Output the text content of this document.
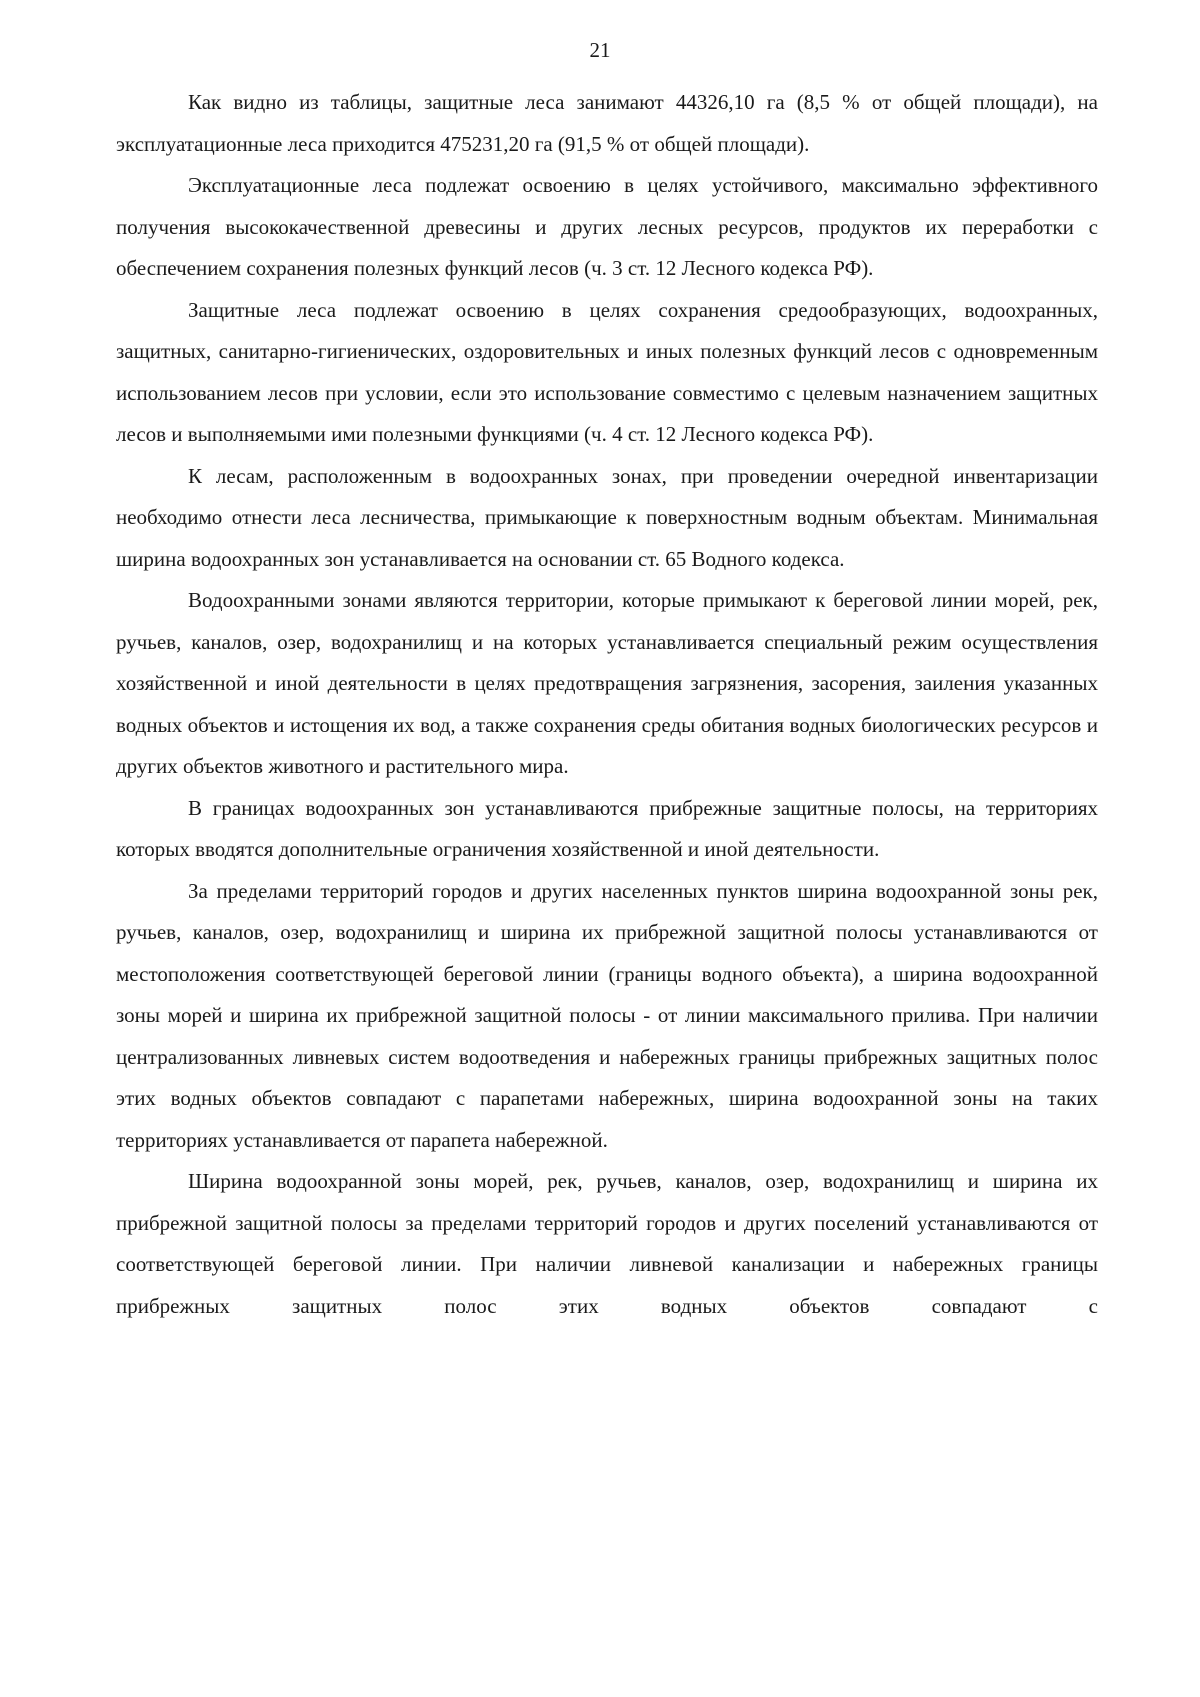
21

Как видно из таблицы, защитные леса занимают 44326,10 га (8,5 % от общей площади), на эксплуатационные леса приходится 475231,20 га (91,5 % от общей площади).

Эксплуатационные леса подлежат освоению в целях устойчивого, максимально эффективного получения высококачественной древесины и других лесных ресурсов, продуктов их переработки с обеспечением сохранения полезных функций лесов (ч. 3 ст. 12 Лесного кодекса РФ).

Защитные леса подлежат освоению в целях сохранения средообразующих, водоохранных, защитных, санитарно-гигиенических, оздоровительных и иных полезных функций лесов с одновременным использованием лесов при условии, если это использование совместимо с целевым назначением защитных лесов и выполняемыми ими полезными функциями (ч. 4 ст. 12 Лесного кодекса РФ).

К лесам, расположенным в водоохранных зонах, при проведении очередной инвентаризации необходимо отнести леса лесничества, примыкающие к поверхностным водным объектам. Минимальная ширина водоохранных зон устанавливается на основании ст. 65 Водного кодекса.

Водоохранными зонами являются территории, которые примыкают к береговой линии морей, рек, ручьев, каналов, озер, водохранилищ и на которых устанавливается специальный режим осуществления хозяйственной и иной деятельности в целях предотвращения загрязнения, засорения, заиления указанных водных объектов и истощения их вод, а также сохранения среды обитания водных биологических ресурсов и других объектов животного и растительного мира.

В границах водоохранных зон устанавливаются прибрежные защитные полосы, на территориях которых вводятся дополнительные ограничения хозяйственной и иной деятельности.

За пределами территорий городов и других населенных пунктов ширина водоохранной зоны рек, ручьев, каналов, озер, водохранилищ и ширина их прибрежной защитной полосы устанавливаются от местоположения соответствующей береговой линии (границы водного объекта), а ширина водоохранной зоны морей и ширина их прибрежной защитной полосы - от линии максимального прилива. При наличии централизованных ливневых систем водоотведения и набережных границы прибрежных защитных полос этих водных объектов совпадают с парапетами набережных, ширина водоохранной зоны на таких территориях устанавливается от парапета набережной.

Ширина водоохранной зоны морей, рек, ручьев, каналов, озер, водохранилищ и ширина их прибрежной защитной полосы за пределами территорий городов и других поселений устанавливаются от соответствующей береговой линии. При наличии ливневой канализации и набережных границы прибрежных защитных полос этих водных объектов совпадают с
